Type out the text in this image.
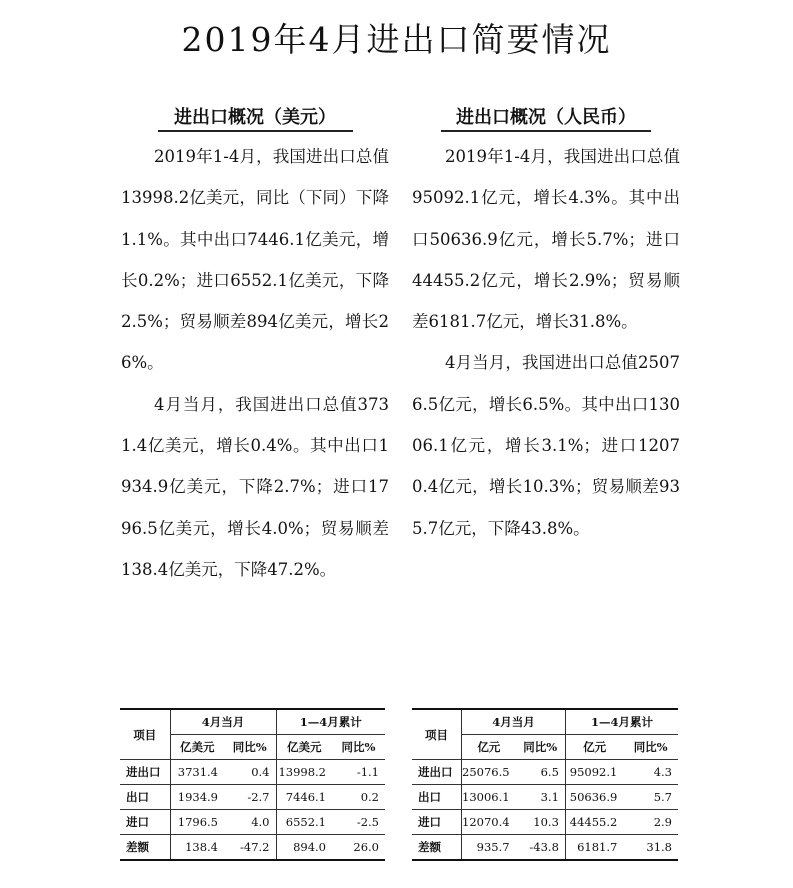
2019年4月进出口简要情况
进出口概况（美元）

2019年1-4月，我国进出口总值13998.2亿美元，同比（下同）下降1.1%。其中出口7446.1亿美元，增长0.2%；进口6552.1亿美元，下降2.5%；贸易顺差894亿美元，增长26%。

4月当月，我国进出口总值3731.4亿美元，增长0.4%。其中出口1934.9亿美元，下降2.7%；进口1796.5亿美元，增长4.0%；贸易顺差138.4亿美元，下降47.2%。

进出口概况（人民币）

2019年1-4月，我国进出口总值95092.1亿元，增长4.3%。其中出口50636.9亿元，增长5.7%；进口44455.2亿元，增长2.9%；贸易顺差6181.7亿元，增长31.8%。

4月当月，我国进出口总值25076.5亿元，增长6.5%。其中出口13006.1亿元，增长3.1%；进口12070.4亿元，增长10.3%；贸易顺差935.7亿元，下降43.8%。

项目	4月当月		1—4月累计	
	亿美元	同比%	亿美元	同比%
进出口	3731.4	0.4	13998.2	-1.1
出口	1934.9	-2.7	7446.1	0.2
进口	1796.5	4.0	6552.1	-2.5
差额	138.4	-47.2	894.0	26.0
项目	4月当月		1—4月累计	
	亿元	同比%	亿元	同比%
进出口	25076.5	6.5	95092.1	4.3
出口	13006.1	3.1	50636.9	5.7
进口	12070.4	10.3	44455.2	2.9
差额	935.7	-43.8	6181.7	31.8
